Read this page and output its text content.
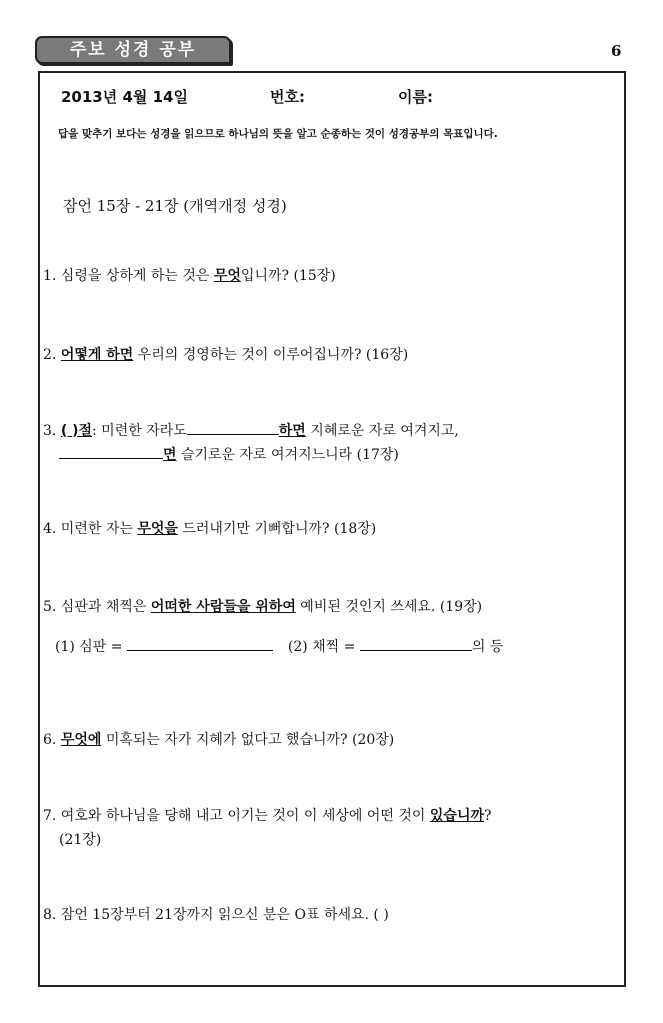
주보 성경 공부	6
2013년 4월 14일	번호:	이름:
답을 맞추기 보다는 성경을 읽으므로 하나님의 뜻을 알고 순종하는 것이 성경공부의 목표입니다.
잠언 15장 - 21장 (개역개정 성경)
1. 심령을 상하게 하는 것은 무엇입니까? (15장)
2. 어떻게 하면 우리의 경영하는 것이 이루어집니까? (16장)
3. ( )절: 미련한 자라도	하면 지혜로운 자로 여겨지고,
면 슬기로운 자로 여겨지느니라 (17장)
4. 미련한 자는 무엇을 드러내기만 기뻐합니까? (18장)
5. 심판과 채찍은 어떠한 사람들을 위하여 예비된 것인지 쓰세요. (19장)
(1) 심판 =	(2) 채찍 =	의 등
6. 무엇에 미혹되는 자가 지혜가 없다고 했습니까? (20장)
7. 여호와 하나님을 당해 내고 이기는 것이 이 세상에 어떤 것이 있습니까?
(21장)
8. 잠언 15장부터 21장까지 읽으신 분은 O표 하세요. ( )
